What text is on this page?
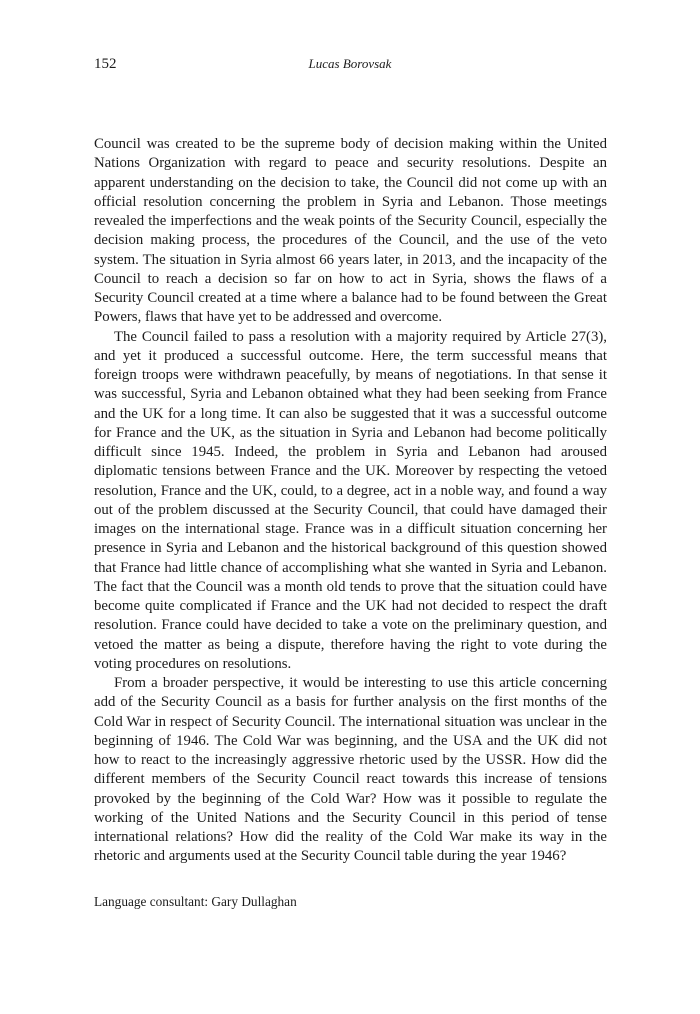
152	Lucas Borovsak

Council was created to be the supreme body of decision making within the United Nations Organization with regard to peace and security resolutions. Despite an apparent understanding on the decision to take, the Council did not come up with an official resolution concerning the problem in Syria and Lebanon. Those meetings revealed the imperfections and the weak points of the Security Council, especially the decision making process, the procedures of the Council, and the use of the veto system. The situation in Syria almost 66 years later, in 2013, and the incapacity of the Council to reach a decision so far on how to act in Syria, shows the flaws of a Security Council created at a time where a balance had to be found between the Great Powers, flaws that have yet to be addressed and overcome.

The Council failed to pass a resolution with a majority required by Article 27(3), and yet it produced a successful outcome. Here, the term successful means that foreign troops were withdrawn peacefully, by means of negotiations. In that sense it was successful, Syria and Lebanon obtained what they had been seeking from France and the UK for a long time. It can also be suggested that it was a successful outcome for France and the UK, as the situation in Syria and Lebanon had become politically difficult since 1945. Indeed, the problem in Syria and Lebanon had aroused diplomatic tensions between France and the UK. Moreover by respecting the vetoed resolution, France and the UK, could, to a degree, act in a noble way, and found a way out of the problem discussed at the Security Council, that could have damaged their images on the international stage. France was in a difficult situation concerning her presence in Syria and Lebanon and the historical background of this question showed that France had little chance of accomplishing what she wanted in Syria and Lebanon. The fact that the Council was a month old tends to prove that the situation could have become quite complicated if France and the UK had not decided to respect the draft resolution. France could have decided to take a vote on the preliminary question, and vetoed the matter as being a dispute, therefore having the right to vote during the voting procedures on resolutions.

From a broader perspective, it would be interesting to use this article concerning add of the Security Council as a basis for further analysis on the first months of the Cold War in respect of Security Council. The international situation was unclear in the beginning of 1946. The Cold War was beginning, and the USA and the UK did not how to react to the increasingly aggressive rhetoric used by the USSR. How did the different members of the Security Council react towards this increase of tensions provoked by the beginning of the Cold War? How was it possible to regulate the working of the United Nations and the Security Council in this period of tense international relations? How did the reality of the Cold War make its way in the rhetoric and arguments used at the Security Council table during the year 1946?

Language consultant: Gary Dullaghan
